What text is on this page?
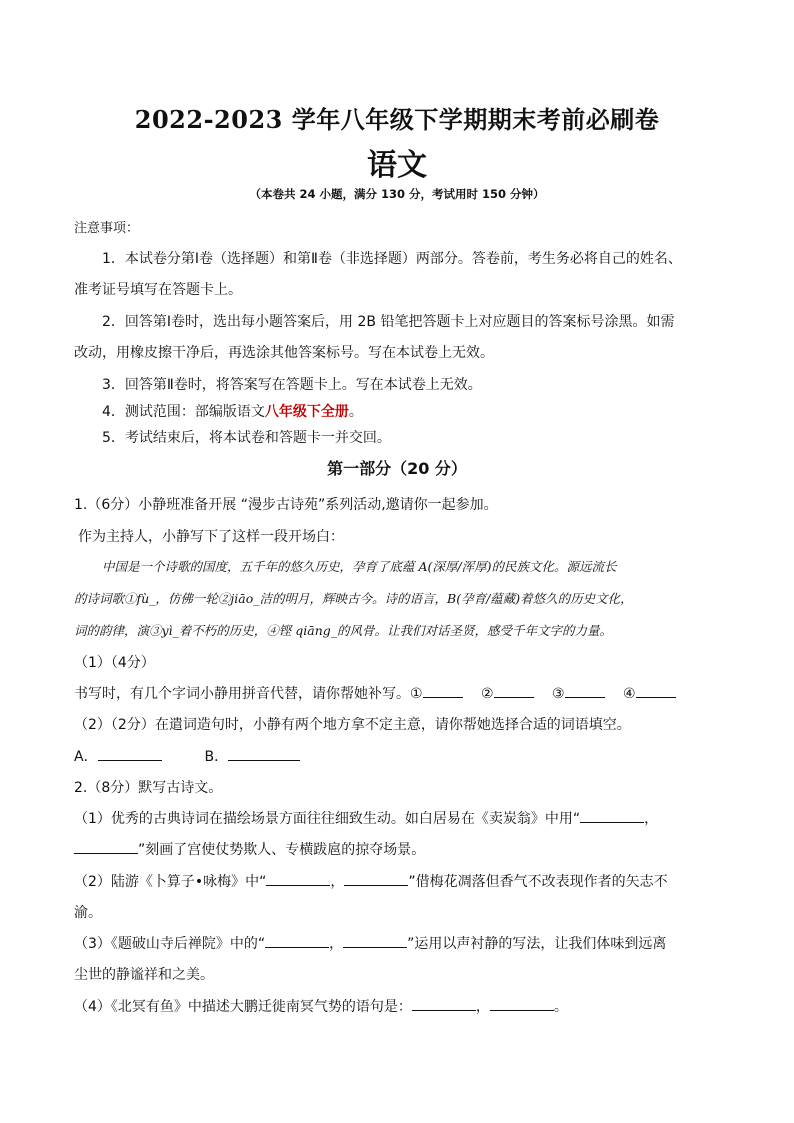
2022-2023 学年八年级下学期期末考前必刷卷
语文
（本卷共 24 小题，满分 130 分，考试用时 150 分钟）
注意事项：
1．本试卷分第Ⅰ卷（选择题）和第Ⅱ卷（非选择题）两部分。答卷前，考生务必将自己的姓名、
准考证号填写在答题卡上。
2．回答第Ⅰ卷时，选出每小题答案后，用 2B 铅笔把答题卡上对应题目的答案标号涂黑。如需
改动，用橡皮擦干净后，再选涂其他答案标号。写在本试卷上无效。
3．回答第Ⅱ卷时，将答案写在答题卡上。写在本试卷上无效。
4．测试范围：部编版语文八年级下全册。
5．考试结束后，将本试卷和答题卡一并交回。
第一部分（20 分）
1.（6分）小静班准备开展 “漫步古诗苑”系列活动,邀请你一起参加。
作为主持人，小静写下了这样一段开场白：
中国是一个诗歌的国度，五千年的悠久历史，孕育了底蕴 A(深厚/浑厚)的民族文化。源远流长
的诗词歌①fù_，仿佛一轮②jiāo_洁的明月，辉映古今。诗的语言，B(孕育/蕴藏)着悠久的历史文化，
词的韵律，演③yì_着不朽的历史，④铿 qiāng_的风骨。让我们对话圣贤，感受千年文字的力量。
（1）（4分）
书写时，有几个字词小静用拼音代替，请你帮她补写。①	②	③	④
（2）（2分）在遣词造句时，小静有两个地方拿不定主意，请你帮她选择合适的词语填空。
A．	B．
2.（8分）默写古诗文。
（1）优秀的古典诗词在描绘场景方面往往细致生动。如白居易在《卖炭翁》中用“	，
”刻画了宫使仗势欺人、专横跋扈的掠夺场景。
（2）陆游《卜算子•咏梅》中“	，	”借梅花凋落但香气不改表现作者的矢志不
渝。
（3）《题破山寺后禅院》中的“	，	”运用以声衬静的写法，让我们体味到远离
尘世的静谧祥和之美。
（4）《北冥有鱼》中描述大鹏迁徙南冥气势的语句是：	，	。
